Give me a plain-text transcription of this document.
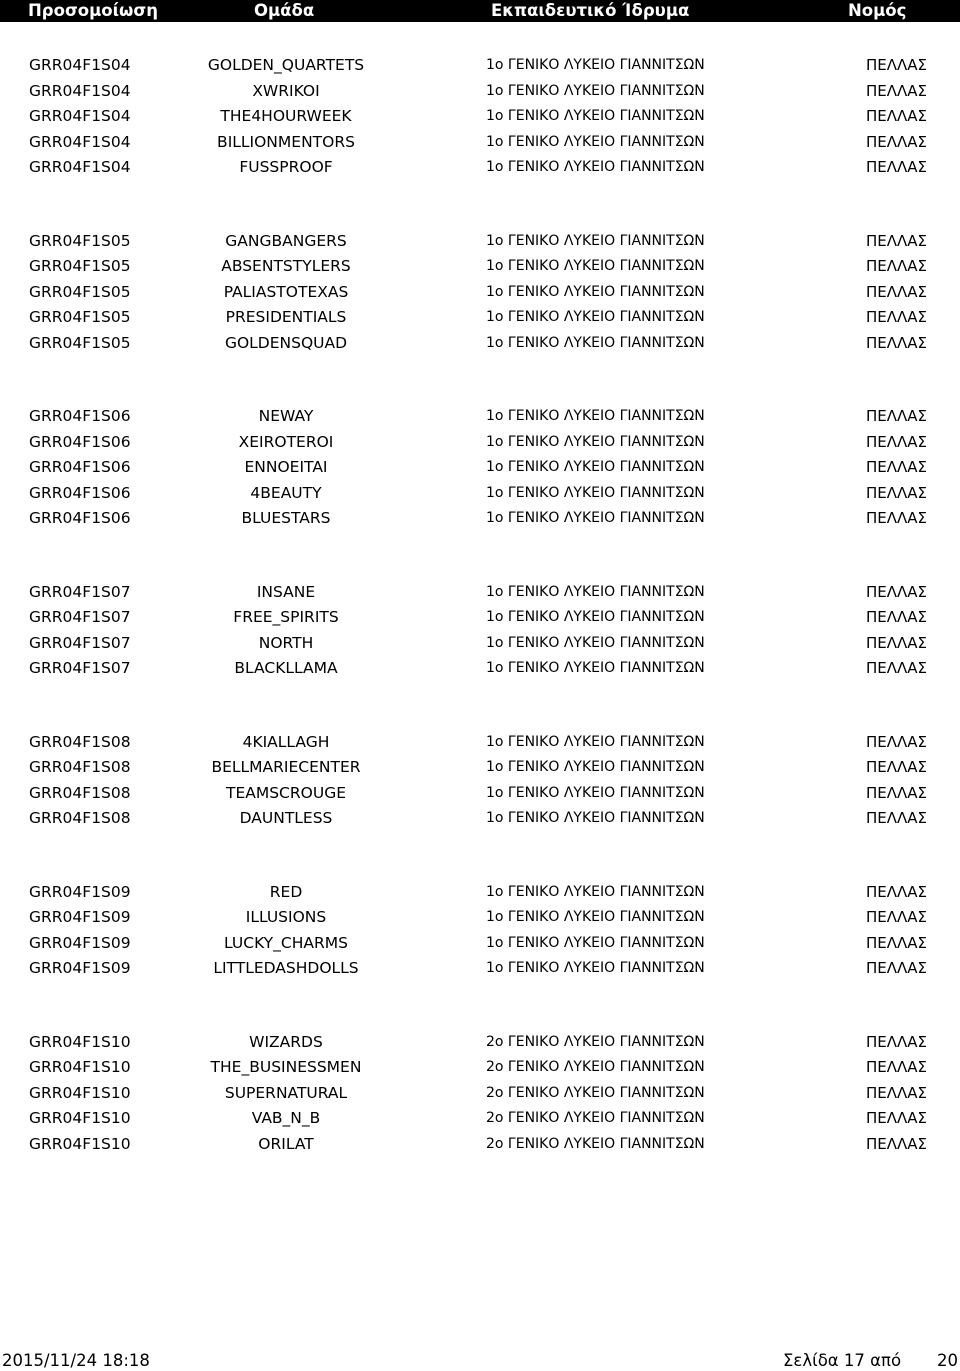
Προσομοίωση	Ομάδα	Εκπαιδευτικό Ίδρυμα	Νομός
GRR04F1S04	GOLDEN_QUARTETS	1ο ΓΕΝΙΚΟ ΛΥΚΕΙΟ ΓΙΑΝΝΙΤΣΩΝ	ΠΕΛΛΑΣ
GRR04F1S04	XWRIKOI	1ο ΓΕΝΙΚΟ ΛΥΚΕΙΟ ΓΙΑΝΝΙΤΣΩΝ	ΠΕΛΛΑΣ
GRR04F1S04	THE4HOURWEEK	1ο ΓΕΝΙΚΟ ΛΥΚΕΙΟ ΓΙΑΝΝΙΤΣΩΝ	ΠΕΛΛΑΣ
GRR04F1S04	BILLIONMENTORS	1ο ΓΕΝΙΚΟ ΛΥΚΕΙΟ ΓΙΑΝΝΙΤΣΩΝ	ΠΕΛΛΑΣ
GRR04F1S04	FUSSPROOF	1ο ΓΕΝΙΚΟ ΛΥΚΕΙΟ ΓΙΑΝΝΙΤΣΩΝ	ΠΕΛΛΑΣ
GRR04F1S05	GANGBANGERS	1ο ΓΕΝΙΚΟ ΛΥΚΕΙΟ ΓΙΑΝΝΙΤΣΩΝ	ΠΕΛΛΑΣ
GRR04F1S05	ABSENTSTYLERS	1ο ΓΕΝΙΚΟ ΛΥΚΕΙΟ ΓΙΑΝΝΙΤΣΩΝ	ΠΕΛΛΑΣ
GRR04F1S05	PALIASTOTEXAS	1ο ΓΕΝΙΚΟ ΛΥΚΕΙΟ ΓΙΑΝΝΙΤΣΩΝ	ΠΕΛΛΑΣ
GRR04F1S05	PRESIDENTIALS	1ο ΓΕΝΙΚΟ ΛΥΚΕΙΟ ΓΙΑΝΝΙΤΣΩΝ	ΠΕΛΛΑΣ
GRR04F1S05	GOLDENSQUAD	1ο ΓΕΝΙΚΟ ΛΥΚΕΙΟ ΓΙΑΝΝΙΤΣΩΝ	ΠΕΛΛΑΣ
GRR04F1S06	NEWAY	1ο ΓΕΝΙΚΟ ΛΥΚΕΙΟ ΓΙΑΝΝΙΤΣΩΝ	ΠΕΛΛΑΣ
GRR04F1S06	XEIROTEROI	1ο ΓΕΝΙΚΟ ΛΥΚΕΙΟ ΓΙΑΝΝΙΤΣΩΝ	ΠΕΛΛΑΣ
GRR04F1S06	ENNOEITAI	1ο ΓΕΝΙΚΟ ΛΥΚΕΙΟ ΓΙΑΝΝΙΤΣΩΝ	ΠΕΛΛΑΣ
GRR04F1S06	4BEAUTY	1ο ΓΕΝΙΚΟ ΛΥΚΕΙΟ ΓΙΑΝΝΙΤΣΩΝ	ΠΕΛΛΑΣ
GRR04F1S06	BLUESTARS	1ο ΓΕΝΙΚΟ ΛΥΚΕΙΟ ΓΙΑΝΝΙΤΣΩΝ	ΠΕΛΛΑΣ
GRR04F1S07	INSANE	1ο ΓΕΝΙΚΟ ΛΥΚΕΙΟ ΓΙΑΝΝΙΤΣΩΝ	ΠΕΛΛΑΣ
GRR04F1S07	FREE_SPIRITS	1ο ΓΕΝΙΚΟ ΛΥΚΕΙΟ ΓΙΑΝΝΙΤΣΩΝ	ΠΕΛΛΑΣ
GRR04F1S07	NORTH	1ο ΓΕΝΙΚΟ ΛΥΚΕΙΟ ΓΙΑΝΝΙΤΣΩΝ	ΠΕΛΛΑΣ
GRR04F1S07	BLACKLLAMA	1ο ΓΕΝΙΚΟ ΛΥΚΕΙΟ ΓΙΑΝΝΙΤΣΩΝ	ΠΕΛΛΑΣ
GRR04F1S08	4KIALLAGH	1ο ΓΕΝΙΚΟ ΛΥΚΕΙΟ ΓΙΑΝΝΙΤΣΩΝ	ΠΕΛΛΑΣ
GRR04F1S08	BELLMARIECENTER	1ο ΓΕΝΙΚΟ ΛΥΚΕΙΟ ΓΙΑΝΝΙΤΣΩΝ	ΠΕΛΛΑΣ
GRR04F1S08	TEAMSCROUGE	1ο ΓΕΝΙΚΟ ΛΥΚΕΙΟ ΓΙΑΝΝΙΤΣΩΝ	ΠΕΛΛΑΣ
GRR04F1S08	DAUNTLESS	1ο ΓΕΝΙΚΟ ΛΥΚΕΙΟ ΓΙΑΝΝΙΤΣΩΝ	ΠΕΛΛΑΣ
GRR04F1S09	RED	1ο ΓΕΝΙΚΟ ΛΥΚΕΙΟ ΓΙΑΝΝΙΤΣΩΝ	ΠΕΛΛΑΣ
GRR04F1S09	ILLUSIONS	1ο ΓΕΝΙΚΟ ΛΥΚΕΙΟ ΓΙΑΝΝΙΤΣΩΝ	ΠΕΛΛΑΣ
GRR04F1S09	LUCKY_CHARMS	1ο ΓΕΝΙΚΟ ΛΥΚΕΙΟ ΓΙΑΝΝΙΤΣΩΝ	ΠΕΛΛΑΣ
GRR04F1S09	LITTLEDASHDOLLS	1ο ΓΕΝΙΚΟ ΛΥΚΕΙΟ ΓΙΑΝΝΙΤΣΩΝ	ΠΕΛΛΑΣ
GRR04F1S10	WIZARDS	2ο ΓΕΝΙΚΟ ΛΥΚΕΙΟ ΓΙΑΝΝΙΤΣΩΝ	ΠΕΛΛΑΣ
GRR04F1S10	THE_BUSINESSMEN	2ο ΓΕΝΙΚΟ ΛΥΚΕΙΟ ΓΙΑΝΝΙΤΣΩΝ	ΠΕΛΛΑΣ
GRR04F1S10	SUPERNATURAL	2ο ΓΕΝΙΚΟ ΛΥΚΕΙΟ ΓΙΑΝΝΙΤΣΩΝ	ΠΕΛΛΑΣ
GRR04F1S10	VAB_N_B	2ο ΓΕΝΙΚΟ ΛΥΚΕΙΟ ΓΙΑΝΝΙΤΣΩΝ	ΠΕΛΛΑΣ
GRR04F1S10	ORILAT	2ο ΓΕΝΙΚΟ ΛΥΚΕΙΟ ΓΙΑΝΝΙΤΣΩΝ	ΠΕΛΛΑΣ
2015/11/24 18:18	Σελίδα 17 από 20
